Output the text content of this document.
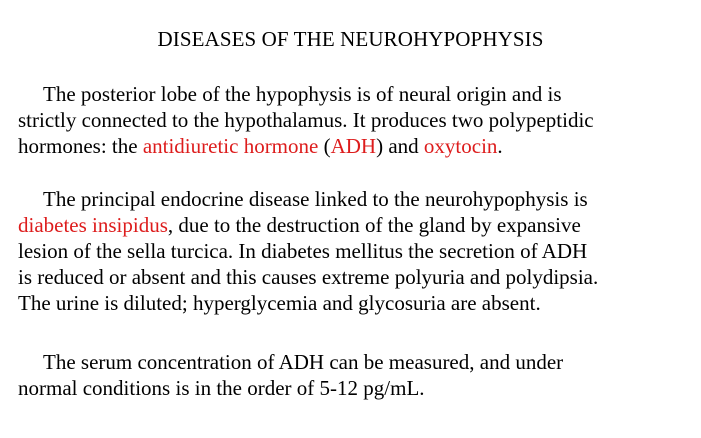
DISEASES OF THE NEUROHYPOPHYSIS

The posterior lobe of the hypophysis is of neural origin and is
strictly connected to the hypothalamus. It produces two polypeptidic
hormones: the antidiuretic hormone (ADH) and oxytocin.

The principal endocrine disease linked to the neurohypophysis is
diabetes insipidus, due to the destruction of the gland by expansive
lesion of the sella turcica. In diabetes mellitus the secretion of ADH
is reduced or absent and this causes extreme polyuria and polydipsia.
The urine is diluted; hyperglycemia and glycosuria are absent.

The serum concentration of ADH can be measured, and under
normal conditions is in the order of 5-12 pg/mL.
